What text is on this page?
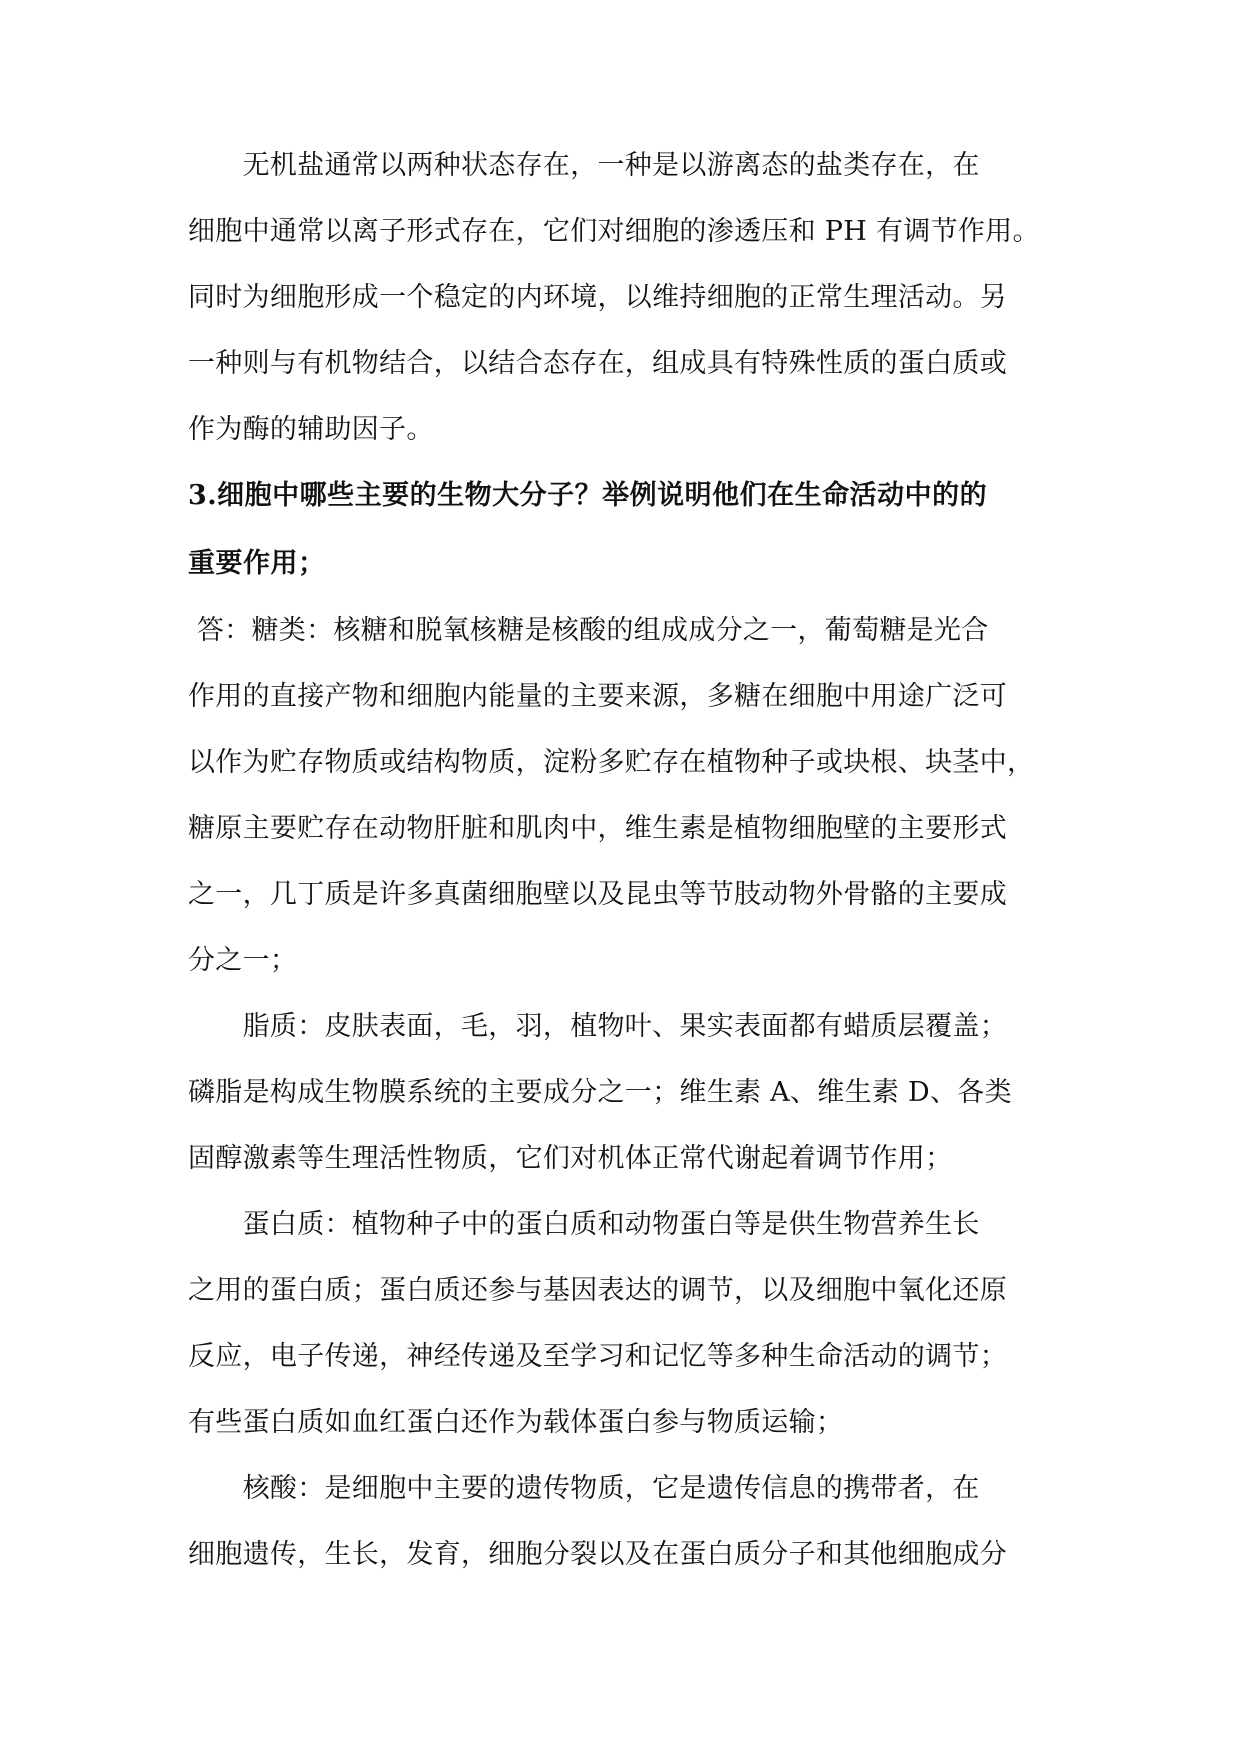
　　无机盐通常以两种状态存在，一种是以游离态的盐类存在，在
细胞中通常以离子形式存在，它们对细胞的渗透压和 PH 有调节作用。
同时为细胞形成一个稳定的内环境，以维持细胞的正常生理活动。另
一种则与有机物结合，以结合态存在，组成具有特殊性质的蛋白质或
作为酶的辅助因子。
3.细胞中哪些主要的生物大分子？举例说明他们在生命活动中的的
重要作用；
答：糖类：核糖和脱氧核糖是核酸的组成成分之一，葡萄糖是光合
作用的直接产物和细胞内能量的主要来源，多糖在细胞中用途广泛可
以作为贮存物质或结构物质，淀粉多贮存在植物种子或块根、块茎中，
糖原主要贮存在动物肝脏和肌肉中，维生素是植物细胞壁的主要形式
之一，几丁质是许多真菌细胞壁以及昆虫等节肢动物外骨骼的主要成
分之一；
　　脂质：皮肤表面，毛，羽，植物叶、果实表面都有蜡质层覆盖；
磷脂是构成生物膜系统的主要成分之一；维生素 A、维生素 D、各类
固醇激素等生理活性物质，它们对机体正常代谢起着调节作用；
　　蛋白质：植物种子中的蛋白质和动物蛋白等是供生物营养生长
之用的蛋白质；蛋白质还参与基因表达的调节，以及细胞中氧化还原
反应，电子传递，神经传递及至学习和记忆等多种生命活动的调节；
有些蛋白质如血红蛋白还作为载体蛋白参与物质运输；
　　核酸：是细胞中主要的遗传物质，它是遗传信息的携带者，在
细胞遗传，生长，发育，细胞分裂以及在蛋白质分子和其他细胞成分
